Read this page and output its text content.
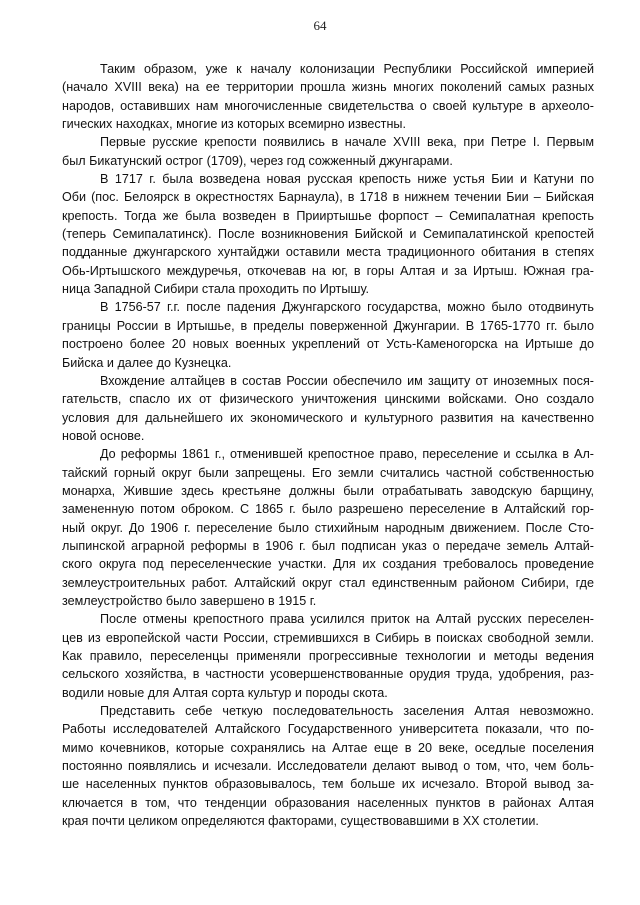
64
Таким образом, уже к началу колонизации Республики Российской империей
(начало XVIII века) на ее территории прошла жизнь многих поколений самых разных
народов, оставивших нам многочисленные свидетельства о своей культуре в археоло-
гических находках, многие из которых всемирно известны.
Первые русские крепости появились в начале XVIII века, при Петре I. Первым
был Бикатунский острог (1709), через год сожженный джунгарами.
В 1717 г. была возведена новая русская крепость ниже устья Бии и Катуни по
Оби (пос. Белоярск в окрестностях Барнаула), в 1718 в нижнем течении Бии – Бийская
крепость. Тогда же была возведен в Прииртышье форпост – Семипалатная крепость
(теперь Семипалатинск). После возникновения Бийской и Семипалатинской крепостей
подданные джунгарского хунтайджи оставили места традиционного обитания в степях
Обь-Иртышского междуречья, откочевав на юг, в горы Алтая и за Иртыш. Южная гра-
ница Западной Сибири стала проходить по Иртышу.
В 1756-57 г.г. после падения Джунгарского государства, можно было отодвинуть
границы России в Иртышье, в пределы поверженной Джунгарии. В 1765-1770 гг. было
построено более 20 новых военных укреплений от Усть-Каменогорска на Иртыше до
Бийска и далее до Кузнецка.
Вхождение алтайцев в состав России обеспечило им защиту от иноземных пося-
гательств, спасло их от физического уничтожения цинскими войсками. Оно создало
условия для дальнейшего их экономического и культурного развития на качественно
новой основе.
До реформы 1861 г., отменившей крепостное право, переселение и ссылка в Ал-
тайский горный округ были запрещены. Его земли считались частной собственностью
монарха, Жившие здесь крестьяне должны были отрабатывать заводскую барщину,
замененную потом оброком. С 1865 г. было разрешено переселение в Алтайский гор-
ный округ. До 1906 г. переселение было стихийным народным движением. После Сто-
лыпинской аграрной реформы в 1906 г. был подписан указ о передаче земель Алтай-
ского округа под переселенческие участки. Для их создания требовалось проведение
землеустроительных работ. Алтайский округ стал единственным районом Сибири, где
землеустройство было завершено в 1915 г.
После отмены крепостного права усилился приток на Алтай русских переселен-
цев из европейской части России, стремившихся в Сибирь в поисках свободной земли.
Как правило, переселенцы применяли прогрессивные технологии и методы ведения
сельского хозяйства, в частности усовершенствованные орудия труда, удобрения, раз-
водили новые для Алтая сорта культур и породы скота.
Представить себе четкую последовательность заселения Алтая невозможно.
Работы исследователей Алтайского Государственного университета показали, что по-
мимо кочевников, которые сохранялись на Алтае еще в 20 веке, оседлые поселения
постоянно появлялись и исчезали. Исследователи делают вывод о том, что, чем боль-
ше населенных пунктов образовывалось, тем больше их исчезало. Второй вывод за-
ключается в том, что тенденции образования населенных пунктов в районах Алтая
края почти целиком определяются факторами, существовавшими в ХХ столетии.
